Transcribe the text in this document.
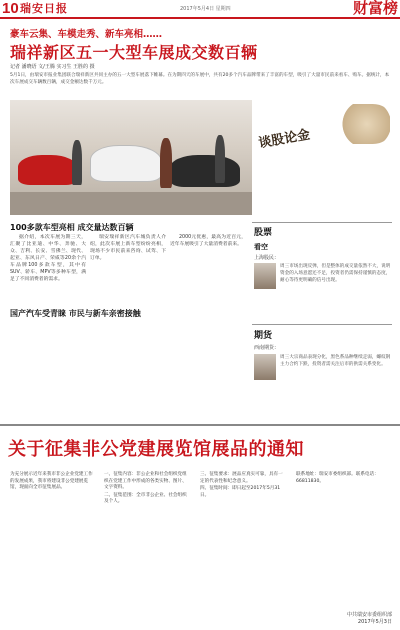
10 瑞安日报	2017年5月4日 星期四	财富榜
豪车云集、车模走秀、新车亮相……
瑞祥新区五一大型车展成交数百辆
记者 潘晓语 文/王腾 实习生 王胜的 摄
5月1日，由瑞安市报业集团联合瑞祥新区共同主办的五一大型车展落下帷幕。在为期四天的车展中，共有20多个汽车品牌带来了丰富的车型，吸引了大量市民前来看车、购车。据统计，本次车展成交车辆数百辆，成交金额达数千万元。
谈股论金
100多款车型亮相 成交量达数百辆

据介绍，本次车展为期三天，汇聚了比亚迪、中华、奔驰、大众、吉利、长安、雪佛兰、现代、起亚、东风日产、荣威等20余个汽车品牌100多款车型，其中有SUV、轿车、MPV等多种车型，满足了不同消费者的需求。

瑞安瑞祥新区汽车城负责人介绍，此次车展上新车型纷纷亮相，现场不少市民前来咨询、试驾、下订单。

2000元优惠，最高为近百元，近年车展吸引了大量消费者前来。

国产汽车受青睐 市民与新车亲密接触
股票
看空
上海股民：
周三市场出现反弹，但是整体的成交量依然不大，说明资金的入场意愿还不足，投资者仍需保持谨慎的态度，耐心等待更明确的信号出现。
期货
西南期货：
周三大宗商品表现分化，黑色系品种继续走弱，螺纹钢主力合约下跌，投资者需关注后市的供需关系变化。
关于征集非公党建展览馆展品的通知

为充分展示近年来我市非公企业党建工作的发展成果，我市将建设非公党建展览馆，现面向全市征集展品。

一、征集内容：非公企业和社会组织党组织在党建工作中形成的各类实物、图片、文字资料。

二、征集范围：全市非公企业、社会组织及个人。

三、征集要求：展品应真实可靠，具有一定的代表性和纪念意义。

四、征集时间：即日起至2017年5月31日。

联系地址：瑞安市委组织部。联系电话：66811830。

中共瑞安市委组织部
2017年5月3日
